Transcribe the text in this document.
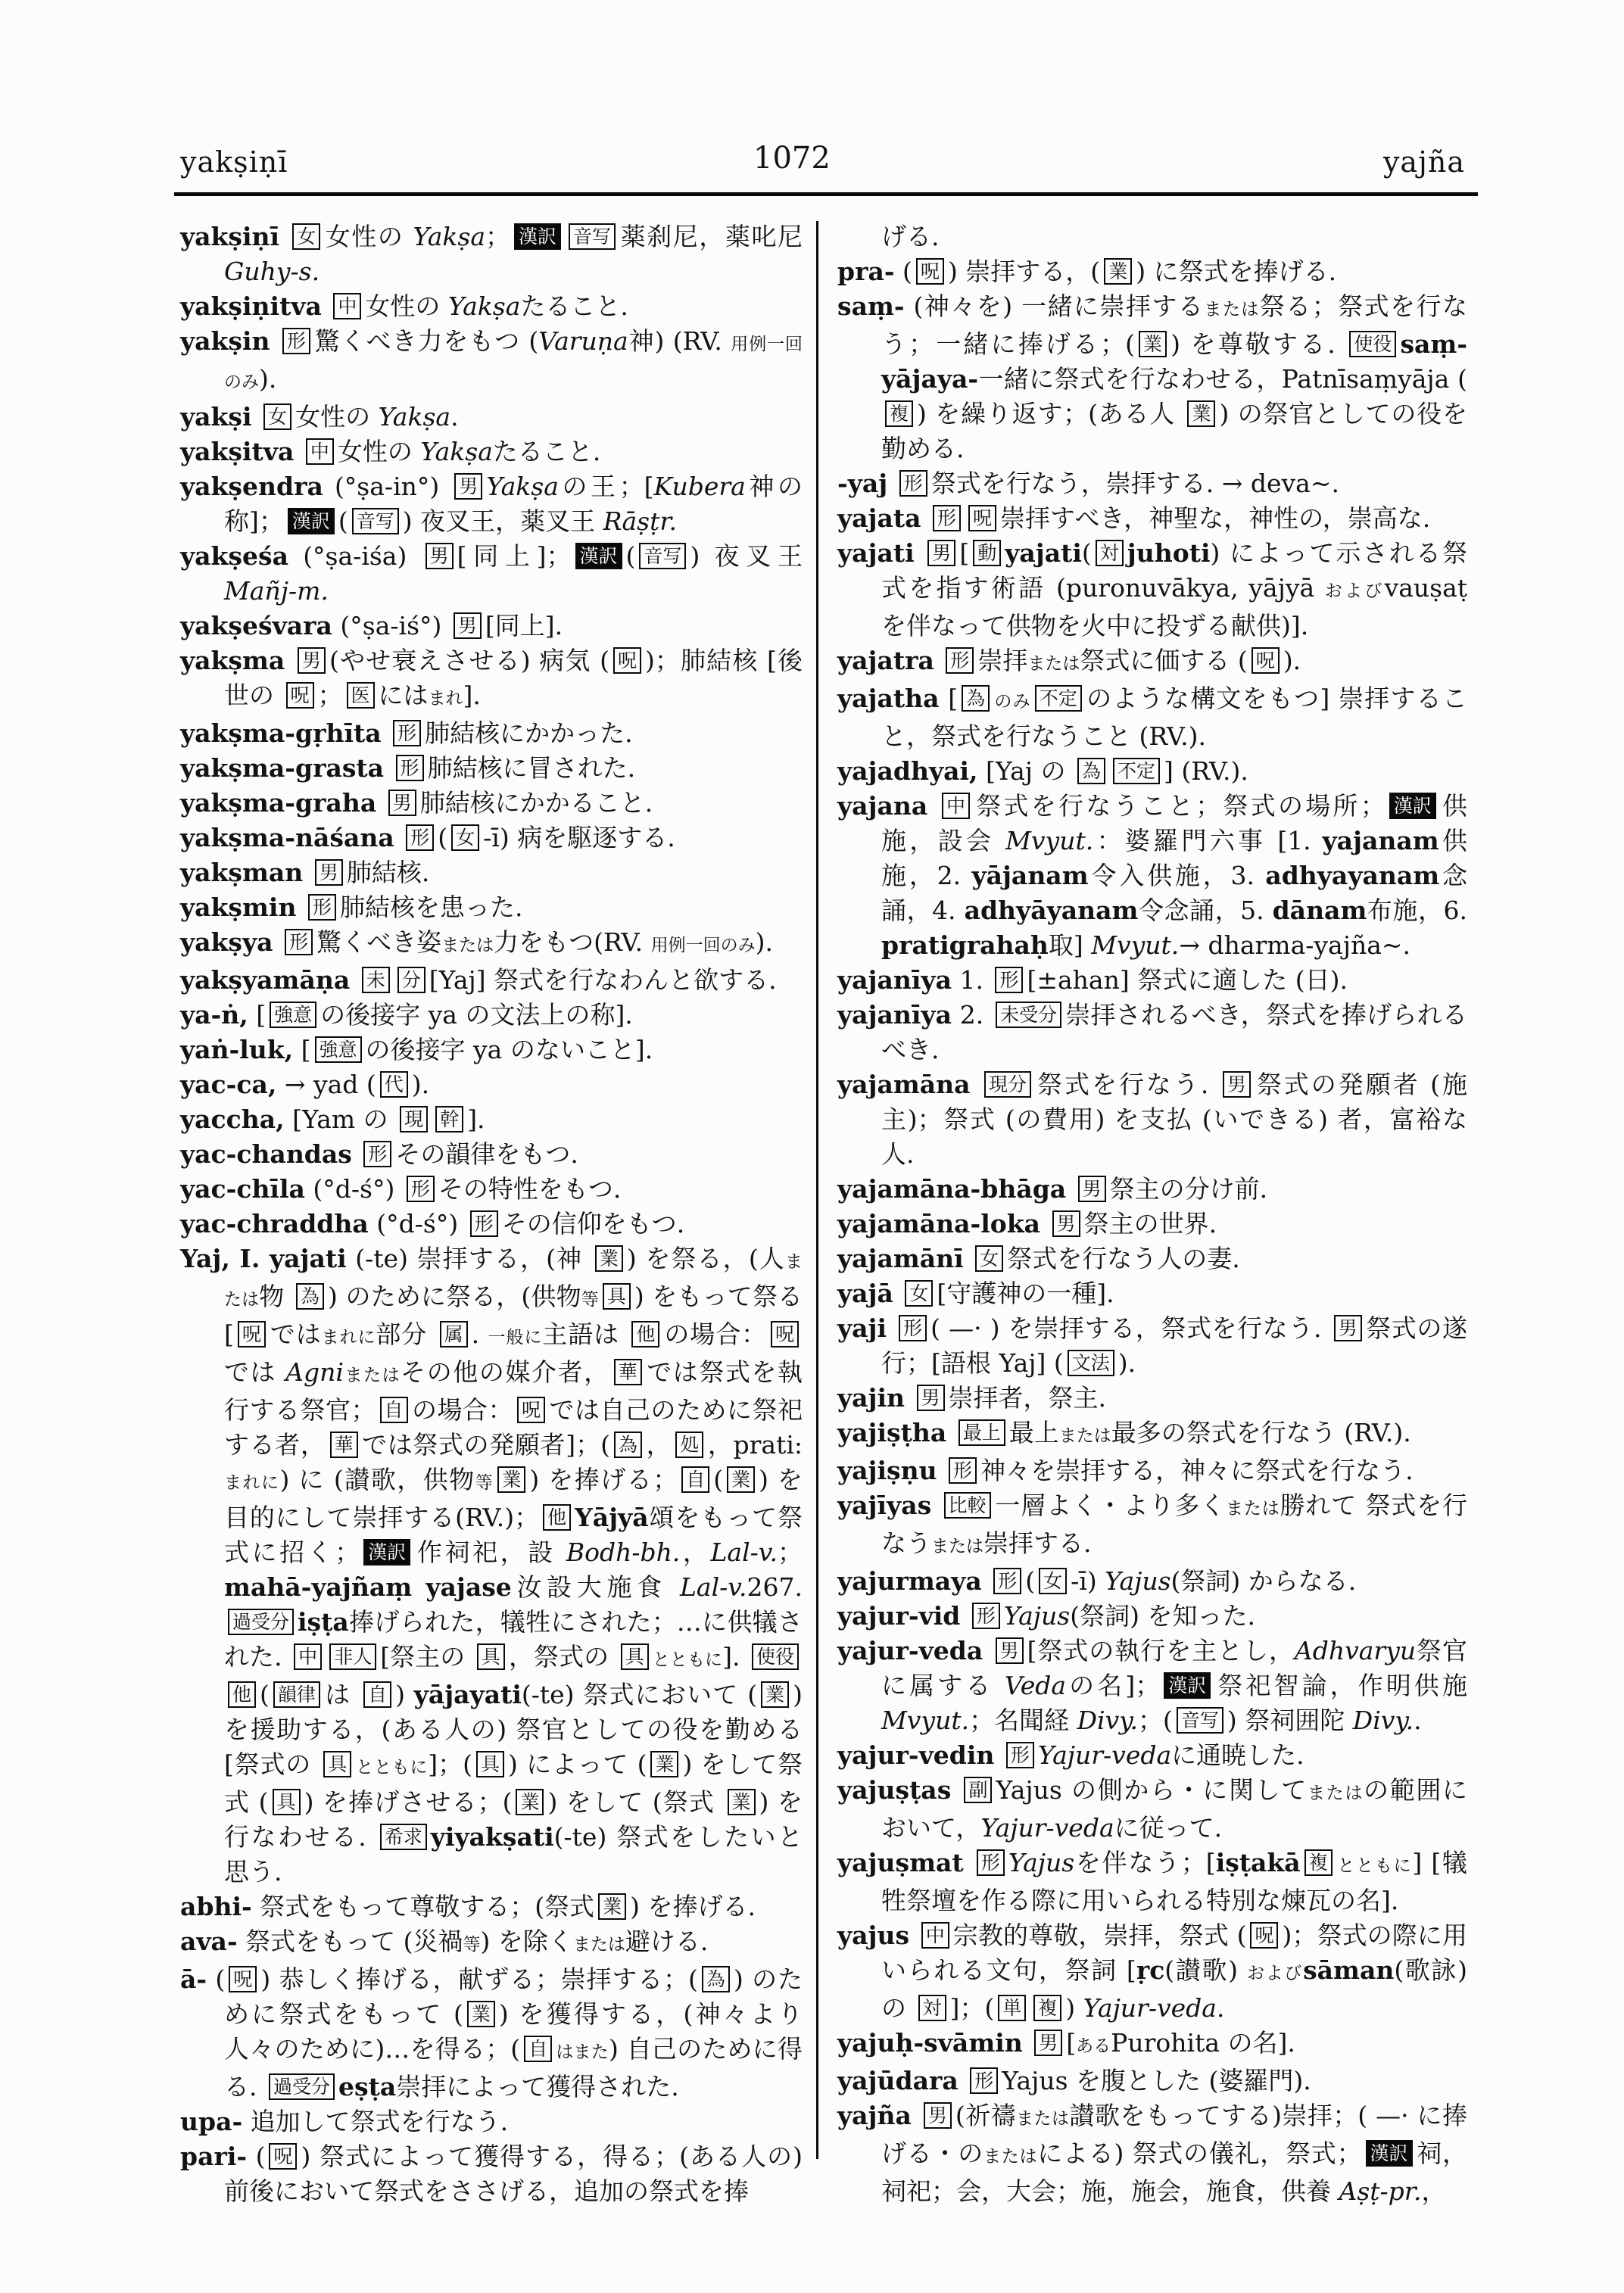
yakṣiṇī	1072	yajña
yakṣiṇī 女 女性の Yakṣa； 漢訳 音写 薬刹尼，薬叱尼 Guhy-s.
yakṣiṇitva 中 女性の Yakṣaたること.
yakṣin 形 驚くべき力をもつ (Varuṇa神) (RV. 用例一回のみ).
yakṣi 女 女性の Yakṣa.
yakṣitva 中 女性の Yakṣaたること.
yakṣendra (°ṣa-in°) 男 Yakṣaの王；[Kubera神の称]； 漢訳 ( 音写 ) 夜叉王，薬叉王 Rāṣṭr.
yakṣeśa (°ṣa-iśa) 男 [同上]； 漢訳 ( 音写 ) 夜叉王 Mañj-m.
yakṣeśvara (°ṣa-iś°) 男 [同上].
yakṣma 男 (やせ衰えさせる) 病気 ( 呪 )；肺結核 [後世の 呪 ； 医 にはまれ].
yakṣma-gṛhīta 形 肺結核にかかった.
yakṣma-grasta 形 肺結核に冒された.
yakṣma-graha 男 肺結核にかかること.
yakṣma-nāśana 形 ( 女 -ī) 病を駆逐する.
yakṣman 男 肺結核.
yakṣmin 形 肺結核を患った.
yakṣya 形 驚くべき姿または力をもつ(RV. 用例一回のみ).
yakṣyamāṇa 未 分 [Yaj] 祭式を行なわんと欲する.
ya-ṅ, [ 強意 の後接字 ya の文法上の称].
yaṅ-luk, [ 強意 の後接字 ya のないこと].
yac-ca, → yad ( 代 ).
yaccha, [Yam の 現 幹 ].
yac-chandas 形 その韻律をもつ.
yac-chīla (°d-ś°) 形 その特性をもつ.
yac-chraddha (°d-ś°) 形 その信仰をもつ.
Yaj, I. yajati (-te) 崇拝する，(神 業 ) を祭る，(人または物 為 ) のために祭る，(供物等 具 ) をもって祭る [ 呪 ではまれに部分 属 . 一般に主語は 他 の場合： 呪では Agniまたはその他の媒介者， 華 では祭式を執行する祭官； 自 の場合： 呪 では自己のために祭祀する者， 華 では祭式の発願者]；( 為 ， 処 ，prati: まれに) に (讃歌，供物等 業 ) を捧げる； 自 ( 業 ) を目的にして崇拝する(RV.)； 他 Yājyā頌をもって祭式に招く； 漢訳 作祠祀，設 Bodh-bh.，Lal-v.；mahā-yajñaṃ yajase汝設大施食 Lal-v.267. 過受分 iṣṭa捧げられた，犠牲にされた；…に供犠された. 中 非人 [祭主の 具 ，祭式の 具 とともに]. 使役他 ( 韻律 は 自 ) yājayati(-te) 祭式において ( 業 ) を援助する，(ある人の) 祭官としての役を勤める [祭式の 具 とともに]；( 具 ) によって ( 業 ) をして祭式 ( 具 ) を捧げさせる；( 業 ) をして (祭式 業 ) を行なわせる. 希求 yiyakṣati(-te) 祭式をしたいと思う.
abhi- 祭式をもって尊敬する；(祭式 業 ) を捧げる.
ava- 祭式をもって (災禍等) を除くまたは避ける.
ā- ( 呪 ) 恭しく捧げる，献ずる；崇拝する；( 為 ) のために祭式をもって ( 業 ) を獲得する，(神々より人々のために)…を得る；( 自 はまた) 自己のために得る. 過受分 eṣṭa崇拝によって獲得された.
upa- 追加して祭式を行なう.
pari- ( 呪 ) 祭式によって獲得する，得る；(ある人の) 前後において祭式をささげる，追加の祭式を捧
げる.
pra- ( 呪 ) 崇拝する，( 業 ) に祭式を捧げる.
saṃ- (神々を) 一緒に崇拝するまたは祭る；祭式を行なう；一緒に捧げる；( 業 ) を尊敬する. 使役 saṃ-yājaya-一緒に祭式を行なわせる，Patnīsaṃyāja (複 ) を繰り返す；(ある人 業 ) の祭官としての役を勤める.
-yaj 形 祭式を行なう，崇拝する. → deva~.
yajata 形 呪 崇拝すべき，神聖な，神性の，崇高な.
yajati 男 [ 動 yajati( 対 juhoti) によって示される祭式を指す術語 (puronuvākya, yājyā およびvauṣaṭ を伴なって供物を火中に投ずる献供)].
yajatra 形 崇拝または祭式に価する ( 呪 ).
yajatha [ 為 のみ 不定 のような構文をもつ] 崇拝すること，祭式を行なうこと (RV.).
yajadhyai, [Yaj の 為 不定 ] (RV.).
yajana 中 祭式を行なうこと；祭式の場所； 漢訳 供施，設会 Mvyut.：婆羅門六事 [1. yajanam供施，2. yājanam令入供施，3. adhyayanam念誦，4. adhyāyanam令念誦，5. dānam布施，6. pratigrahaḥ取] Mvyut.→ dharma-yajña~.
yajanīya 1. 形 [±ahan] 祭式に適した (日).
yajanīya 2. 未受分 崇拝されるべき，祭式を捧げられるべき.
yajamāna 現分 祭式を行なう. 男 祭式の発願者 (施主)；祭式 (の費用) を支払 (いできる) 者，富裕な人.
yajamāna-bhāga 男 祭主の分け前.
yajamāna-loka 男 祭主の世界.
yajamānī 女 祭式を行なう人の妻.
yajā 女 [守護神の一種].
yaji 形 ( —· ) を崇拝する，祭式を行なう. 男 祭式の遂行；[語根 Yaj] ( 文法 ).
yajin 男 崇拝者，祭主.
yajiṣṭha 最上 最上または最多の祭式を行なう (RV.).
yajiṣṇu 形 神々を崇拝する，神々に祭式を行なう.
yajīyas 比較 一層よく・より多くまたは勝れて 祭式を行なうまたは崇拝する.
yajurmaya 形 ( 女 -ī) Yajus(祭詞) からなる.
yajur-vid 形 Yajus(祭詞) を知った.
yajur-veda 男 [祭式の執行を主とし，Adhvaryu祭官に属する Vedaの名]； 漢訳 祭祀智論，作明供施 Mvyut.；名聞経 Divy.；( 音写 ) 祭祠囲陀 Divy..
yajur-vedin 形 Yajur-vedaに通暁した.
yajuṣṭas 副 Yajus の側から・に関してまたはの範囲において，Yajur-vedaに従って.
yajuṣmat 形 Yajusを伴なう；[iṣṭakā 複 とともに] [犠牲祭壇を作る際に用いられる特別な煉瓦の名].
yajus 中 宗教的尊敬，崇拝，祭式 ( 呪 )；祭式の際に用いられる文句，祭詞 [ṛc(讃歌) およびsāman(歌詠) の 対 ]；( 単 複 ) Yajur-veda.
yajuḥ-svāmin 男 [あるPurohita の名].
yajūdara 形 Yajus を腹とした (婆羅門).
yajña 男 (祈禱または讃歌をもってする)崇拝；( —· に捧げる・のまたはによる) 祭式の儀礼，祭式； 漢訳 祠，祠祀；会，大会；施，施会，施食，供養 Aṣṭ-pr.，
